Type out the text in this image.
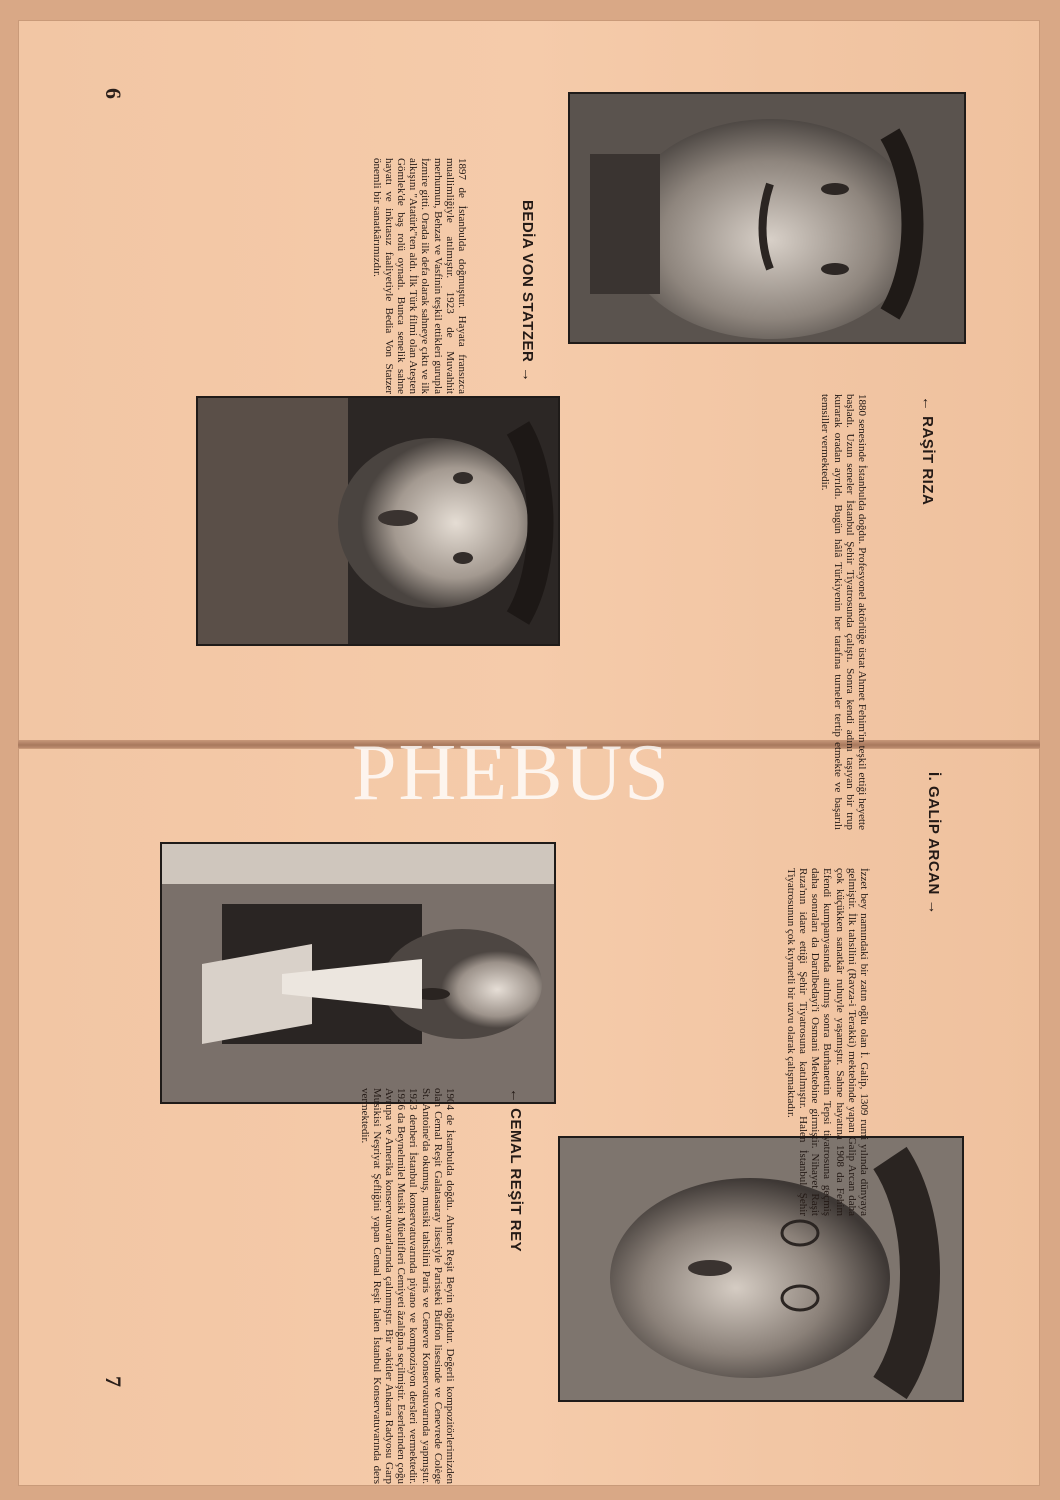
6
← RAŞİT RIZA
1880 senesinde İstanbulda doğdu. Profesyonel aktörlüğe üstat Ahmet Fehim'in teşkil ettiği heyette başladı. Uzun seneler İstanbul Şehir Tiyatrosunda çalıştı. Sonra kendi adını taşıyan bir trup kurarak oradan ayrıldı. Bugün hâlâ Türkiyenin her tarafına turneler tertip etmekte ve başarılı temsiller vermektedir.
BEDİA VON STATZER →
1897 de İstanbulda doğmuştur. Hayata fransızca muallimliğiyle atılmıştır. 1923 de Muvahhit merhumun, Behzat ve Vasfinin teşkil ettikleri gurupla İzmire gitti. Orada ilk defa olarak sahneye çıktı ve ilk alkışını "Atatürk"ten aldı. İlk Türk filmi olan Ateşten Gömlek'de baş rolü oynadı. Bunca senelik sahne hayatı ve inkıtasız faaliyetiyle Bedia Von Statzer önemli bir sanatkârımızdır.
PHEBUS
← CEMAL REŞİT REY
1904 de İstanbulda doğdu. Ahmet Reşit Beyin oğludur. Değerli kompozitörlerimizden olan Cemal Reşit Galatasaray lisesiyle Paristeki Buffon lisesinde ve Cenevrede Colège St. Antoine'da okumuş, musiki tahsilini Paris ve Cenevre Konservatuvarında yapmıştır. 1923 denberi İstanbul konservatuvarında piyano ve kompozisyon dersleri vermektedir. 1926 da Beynelmilel Musiki Müellifleri Cemiyeti âzalığına seçilmiştir. Eserlerinden çoğu Avrupa ve Amerika konservatuvarlarında çalınmıştır. Bir vakitler Ankara Radyosu Garp Musikisi Neşriyat Şefliğini yapan Cemal Reşit halen İstanbul Konservatuvarında ders vermektedir.
İ. GALİP ARCAN →
İzzet bey namındaki bir zatın oğlu olan İ. Galip, 1309 rumi yılında dünyaya gelmiştir. İlk tahsilini (Ravza-i Terakki) mektebinde yapan Galip Arcan daha çok küçükken sanatkâr ruhuyle yaşamıştır. Sahne hayatına 1908 da Fehim Efendi kumpanyasında atılmış sonra Burhanettin Tepsi tiyatrosuna geçmiş daha sonraları da Darülbedayi'i Osmani Mektebine girmiştir. Nihayet Raşit Rıza'nın idare ettiği Şehir Tiyatrosuna katılmıştır. Halen İstanbul Şehir Tiyatrosunun çok kıymetli bir uzvu olarak çalışmaktadır.
7
